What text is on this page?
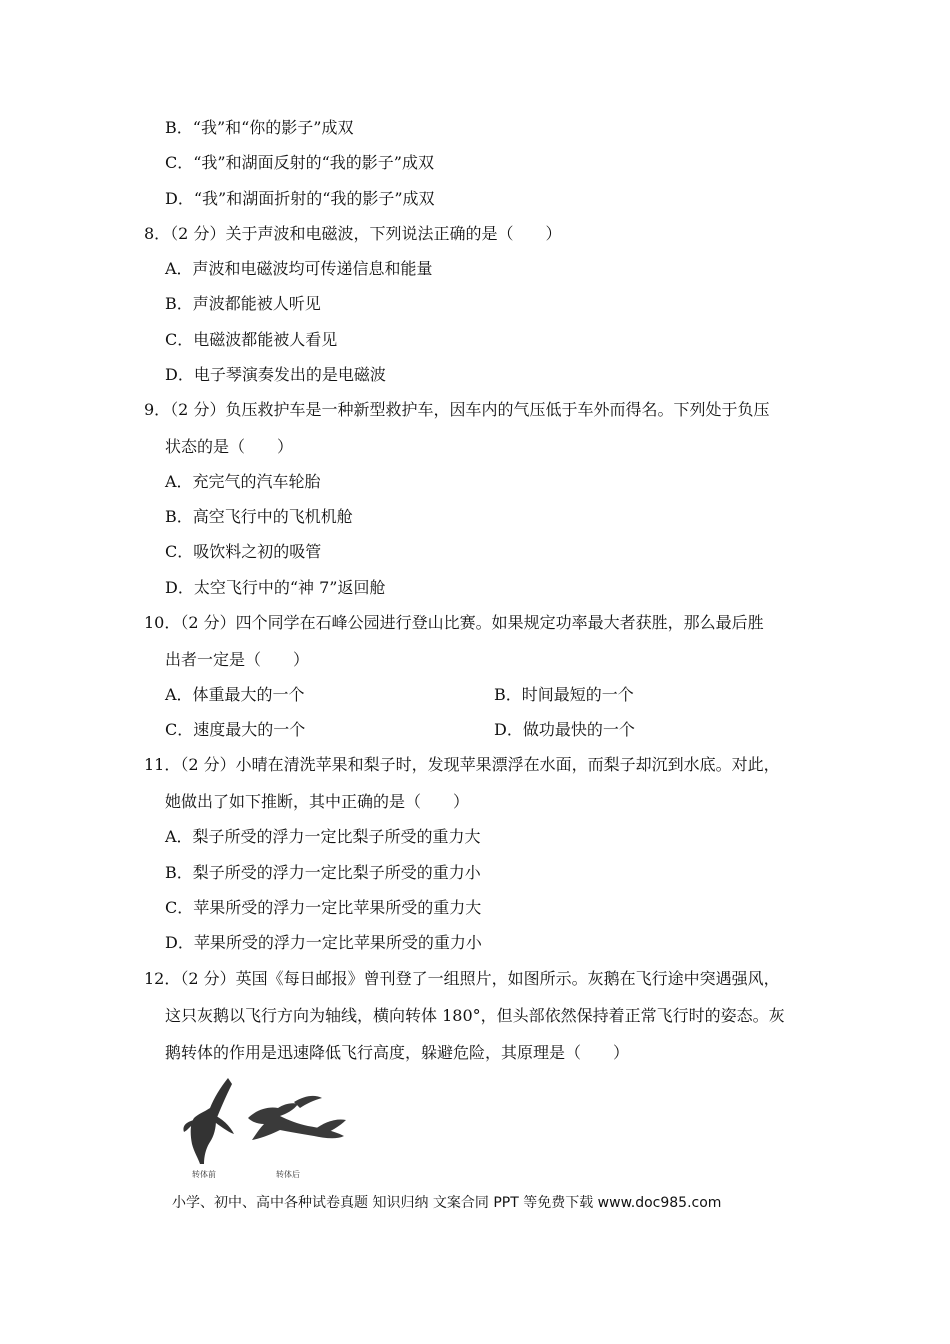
B．“我”和“你的影子”成双
C．“我”和湖面反射的“我的影子”成双
D．“我”和湖面折射的“我的影子”成双
8．（2 分）关于声波和电磁波，下列说法正确的是（　　）
A．声波和电磁波均可传递信息和能量
B．声波都能被人听见
C．电磁波都能被人看见
D．电子琴演奏发出的是电磁波
9．（2 分）负压救护车是一种新型救护车，因车内的气压低于车外而得名。下列处于负压
状态的是（　　）
A．充完气的汽车轮胎
B．高空飞行中的飞机机舱
C．吸饮料之初的吸管
D．太空飞行中的“神 7”返回舱
10．（2 分）四个同学在石峰公园进行登山比赛。如果规定功率最大者获胜，那么最后胜
出者一定是（　　）
A．体重最大的一个	B．时间最短的一个
C．速度最大的一个	D．做功最快的一个
11．（2 分）小晴在清洗苹果和梨子时，发现苹果漂浮在水面，而梨子却沉到水底。对此，
她做出了如下推断，其中正确的是（　　）
A．梨子所受的浮力一定比梨子所受的重力大
B．梨子所受的浮力一定比梨子所受的重力小
C．苹果所受的浮力一定比苹果所受的重力大
D．苹果所受的浮力一定比苹果所受的重力小
12．（2 分）英国《每日邮报》曾刊登了一组照片，如图所示。灰鹅在飞行途中突遇强风，
这只灰鹅以飞行方向为轴线，横向转体 180°，但头部依然保持着正常飞行时的姿态。灰
鹅转体的作用是迅速降低飞行高度，躲避危险，其原理是（　　）
转体前	转体后
小学、初中、高中各种试卷真题 知识归纳 文案合同 PPT 等免费下载 www.doc985.com
